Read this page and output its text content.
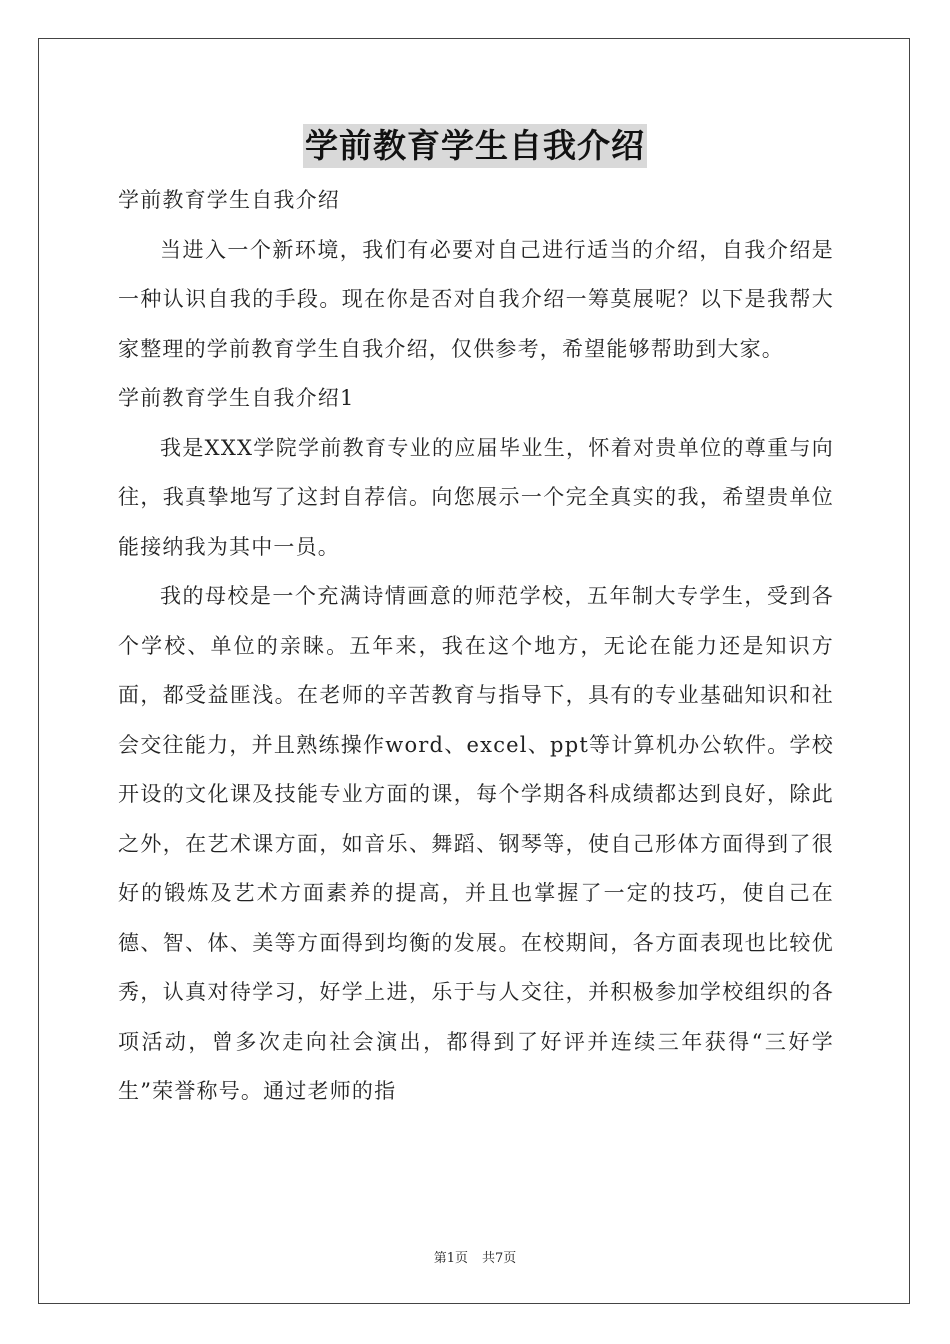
学前教育学生自我介绍

学前教育学生自我介绍

当进入一个新环境，我们有必要对自己进行适当的介绍，自我介绍是一种认识自我的手段。现在你是否对自我介绍一筹莫展呢？以下是我帮大家整理的学前教育学生自我介绍，仅供参考，希望能够帮助到大家。

学前教育学生自我介绍1

我是XXX学院学前教育专业的应届毕业生，怀着对贵单位的尊重与向往，我真挚地写了这封自荐信。向您展示一个完全真实的我，希望贵单位能接纳我为其中一员。

我的母校是一个充满诗情画意的师范学校，五年制大专学生，受到各个学校、单位的亲睐。五年来，我在这个地方，无论在能力还是知识方面，都受益匪浅。在老师的辛苦教育与指导下，具有的专业基础知识和社会交往能力，并且熟练操作word、excel、ppt等计算机办公软件。学校开设的文化课及技能专业方面的课，每个学期各科成绩都达到良好，除此之外，在艺术课方面，如音乐、舞蹈、钢琴等，使自己形体方面得到了很好的锻炼及艺术方面素养的提高，并且也掌握了一定的技巧，使自己在德、智、体、美等方面得到均衡的发展。在校期间，各方面表现也比较优秀，认真对待学习，好学上进，乐于与人交往，并积极参加学校组织的各项活动，曾多次走向社会演出，都得到了好评并连续三年获得“三好学生”荣誉称号。通过老师的指

第1页 共7页
